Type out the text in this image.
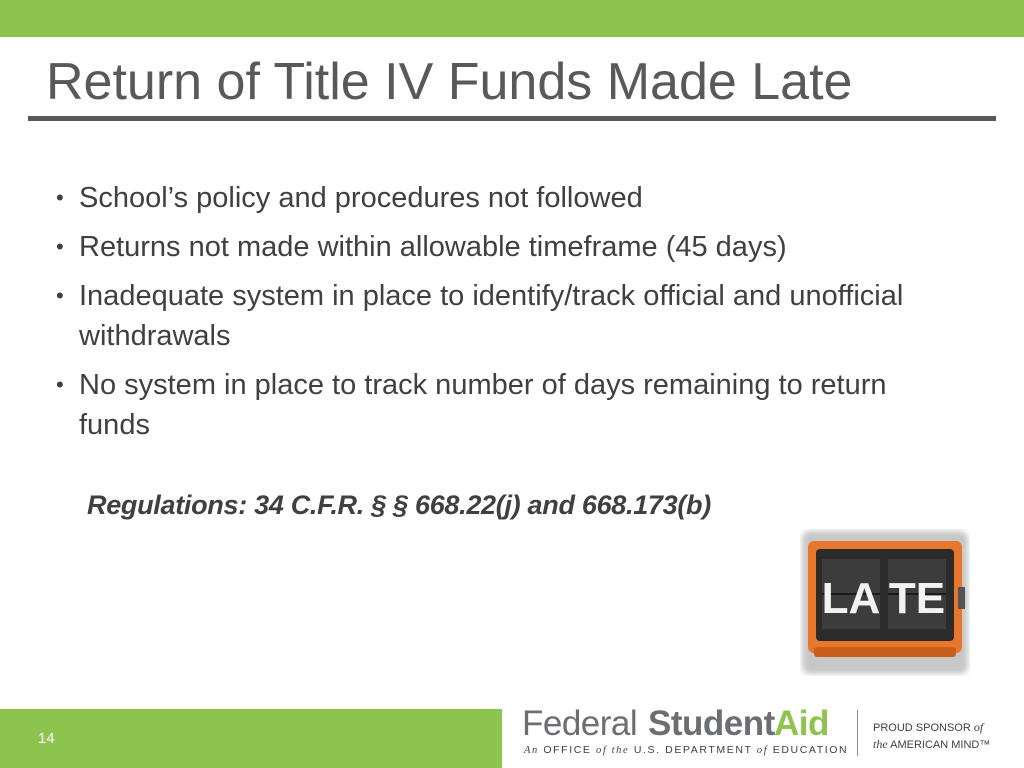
Return of Title IV Funds Made Late
• School’s policy and procedures not followed
• Returns not made within allowable timeframe (45 days)
• Inadequate system in place to identify/track official and unofficial withdrawals
• No system in place to track number of days remaining to return funds
Regulations: 34 C.F.R. § § 668.22(j) and 668.173(b)
LA TE
14	Federal Student Aid
An OFFICE of the U.S. DEPARTMENT of EDUCATION
PROUD SPONSOR of
the AMERICAN MIND™
